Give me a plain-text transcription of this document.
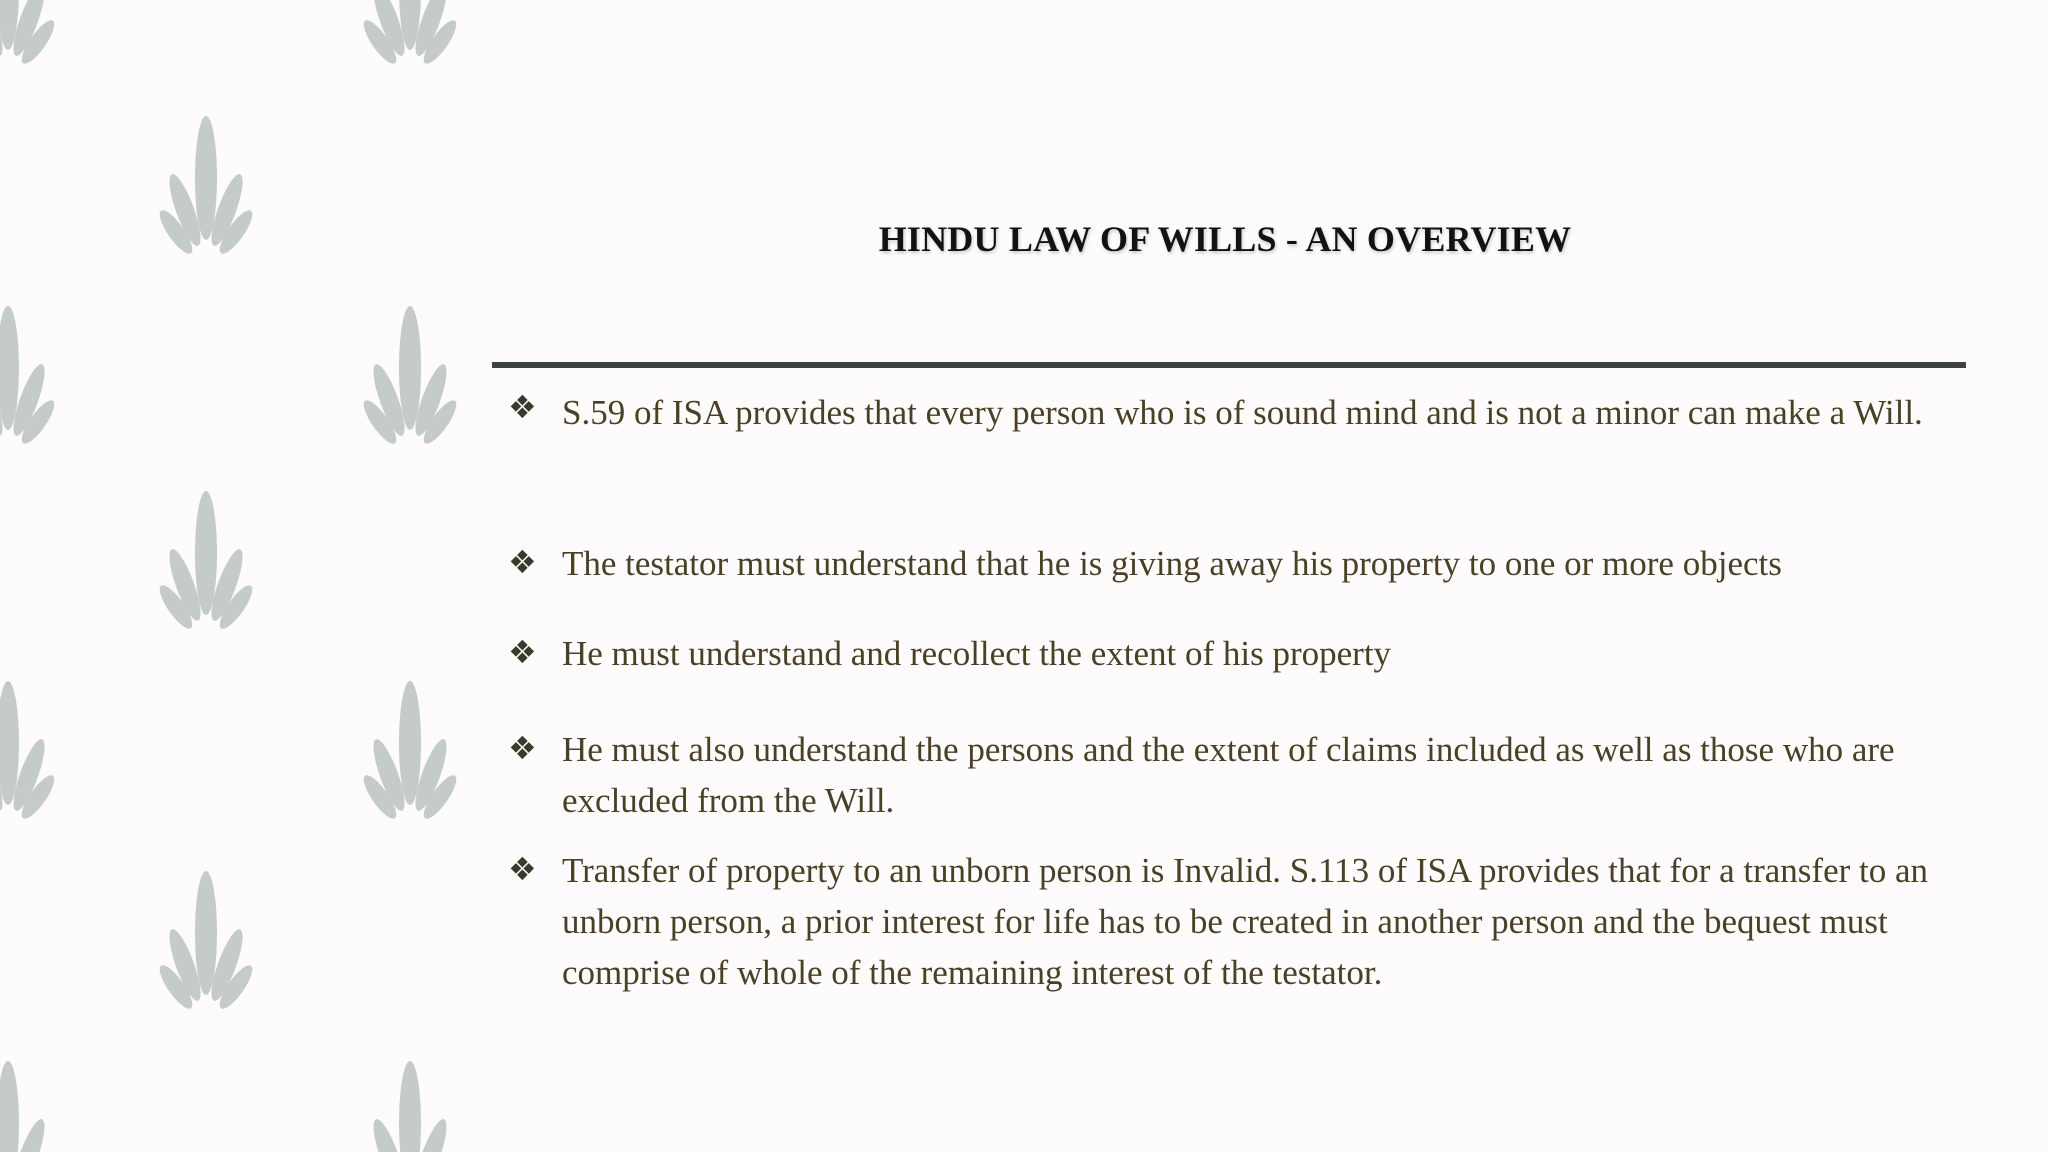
HINDU LAW OF WILLS - AN OVERVIEW
❖ S.59 of ISA provides that every person who is of sound mind and is not a minor can make a Will.
❖ The testator must understand that he is giving away his property to one or more objects
❖ He must understand and recollect the extent of his property
❖ He must also understand the persons and the extent of claims included as well as those who are excluded from the Will.
❖ Transfer of property to an unborn person is Invalid. S.113 of ISA provides that for a transfer to an unborn person, a prior interest for life has to be created in another person and the bequest must comprise of whole of the remaining interest of the testator.
